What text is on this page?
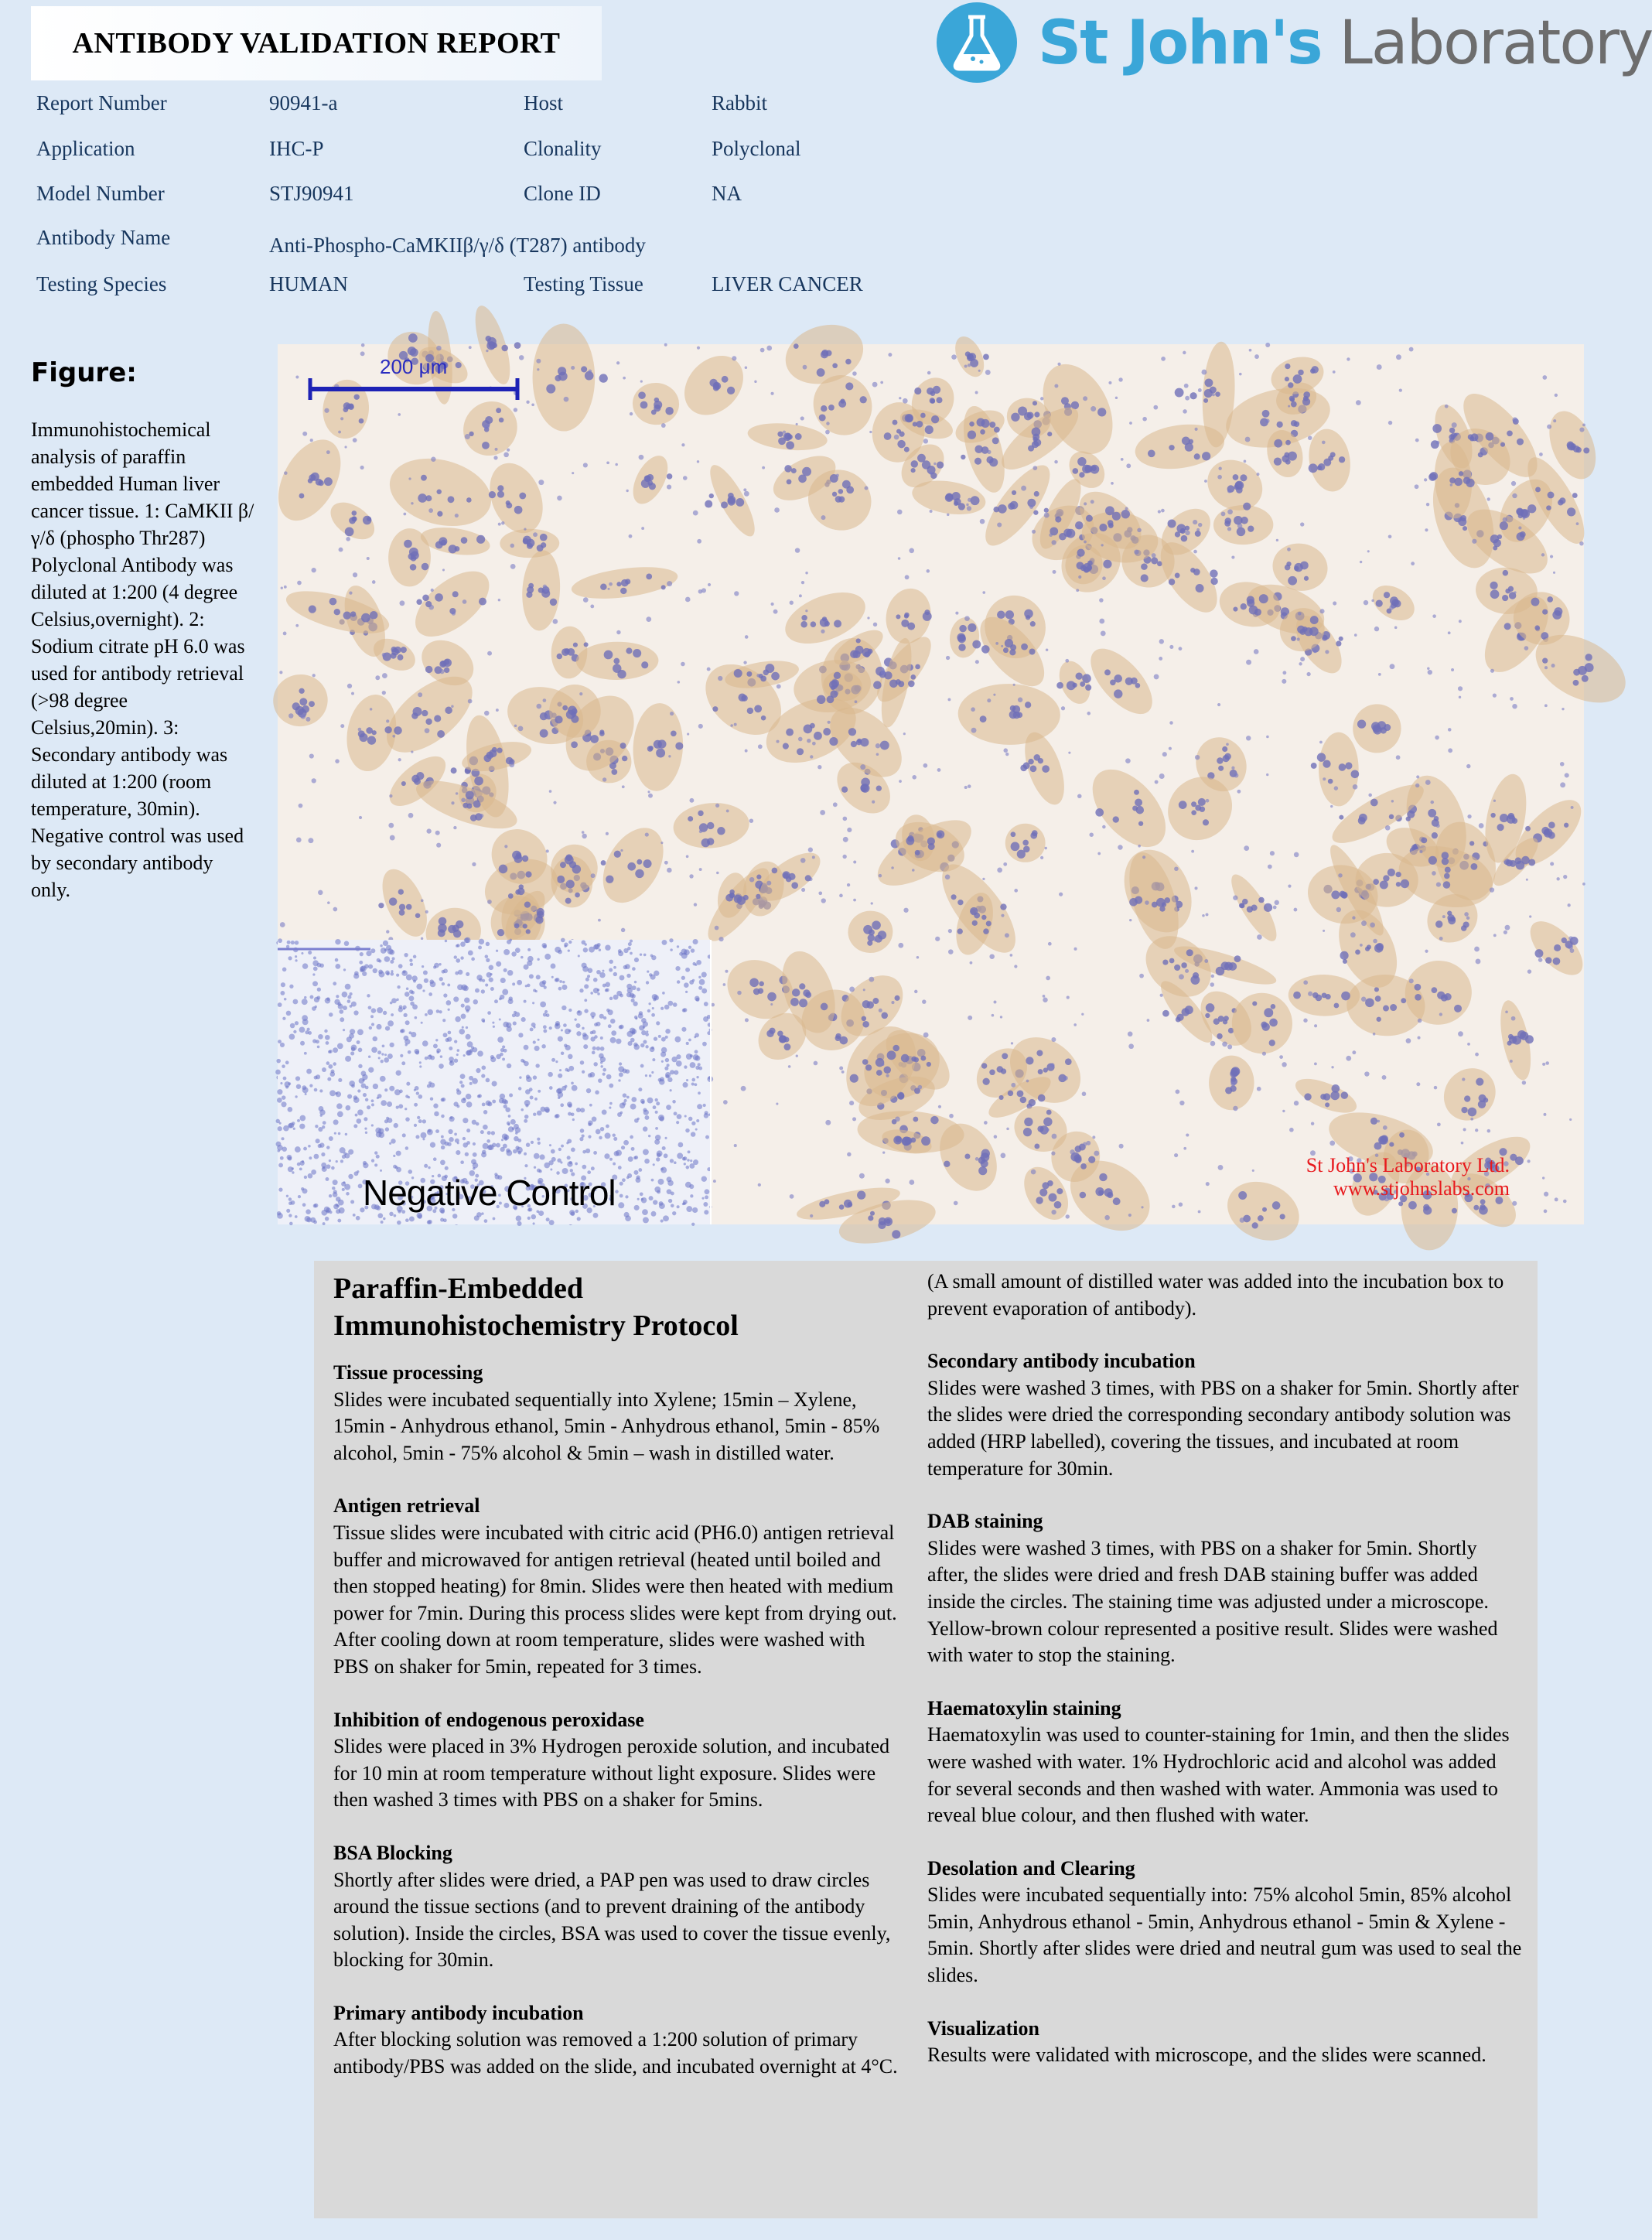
ANTIBODY VALIDATION REPORT	St John's Laboratory
Report Number	90941-a	Host	Rabbit
Application	IHC-P	Clonality	Polyclonal
Model Number	STJ90941	Clone ID	NA
Antibody Name	Anti-Phospho-CaMKIIβ/γ/δ (T287) antibody
Testing Species	HUMAN	Testing Tissue	LIVER CANCER
Figure:
Immunohistochemical analysis of paraffin embedded Human liver cancer tissue. 1: CaMKII β/γ/δ (phospho Thr287) Polyclonal Antibody was diluted at 1:200 (4 degree Celsius,overnight). 2: Sodium citrate pH 6.0 was used for antibody retrieval (>98 degree Celsius,20min). 3: Secondary antibody was diluted at 1:200 (room temperature, 30min). Negative control was used by secondary antibody only.
200 μm
Negative Control
St John's Laboratory Ltd.
www.stjohnslabs.com
Paraffin-Embedded
Immunohistochemistry Protocol
Tissue processing
Slides were incubated sequentially into Xylene; 15min – Xylene, 15min - Anhydrous ethanol, 5min - Anhydrous ethanol, 5min - 85% alcohol, 5min - 75% alcohol & 5min – wash in distilled water.
Antigen retrieval
Tissue slides were incubated with citric acid (PH6.0) antigen retrieval buffer and microwaved for antigen retrieval (heated until boiled and then stopped heating) for 8min. Slides were then heated with medium power for 7min. During this process slides were kept from drying out. After cooling down at room temperature, slides were washed with PBS on shaker for 5min, repeated for 3 times.
Inhibition of endogenous peroxidase
Slides were placed in 3% Hydrogen peroxide solution, and incubated for 10 min at room temperature without light exposure. Slides were then washed 3 times with PBS on a shaker for 5mins.
BSA Blocking
Shortly after slides were dried, a PAP pen was used to draw circles around the tissue sections (and to prevent draining of the antibody solution). Inside the circles, BSA was used to cover the tissue evenly, blocking for 30min.
Primary antibody incubation
After blocking solution was removed a 1:200 solution of primary antibody/PBS was added on the slide, and incubated overnight at 4°C.
(A small amount of distilled water was added into the incubation box to prevent evaporation of antibody).
Secondary antibody incubation
Slides were washed 3 times, with PBS on a shaker for 5min. Shortly after the slides were dried the corresponding secondary antibody solution was added (HRP labelled), covering the tissues, and incubated at room temperature for 30min.
DAB staining
Slides were washed 3 times, with PBS on a shaker for 5min. Shortly after, the slides were dried and fresh DAB staining buffer was added inside the circles. The staining time was adjusted under a microscope. Yellow-brown colour represented a positive result. Slides were washed with water to stop the staining.
Haematoxylin staining
Haematoxylin was used to counter-staining for 1min, and then the slides were washed with water. 1% Hydrochloric acid and alcohol was added for several seconds and then washed with water. Ammonia was used to reveal blue colour, and then flushed with water.
Desolation and Clearing
Slides were incubated sequentially into: 75% alcohol 5min, 85% alcohol 5min, Anhydrous ethanol - 5min, Anhydrous ethanol - 5min & Xylene - 5min. Shortly after slides were dried and neutral gum was used to seal the slides.
Visualization
Results were validated with microscope, and the slides were scanned.
